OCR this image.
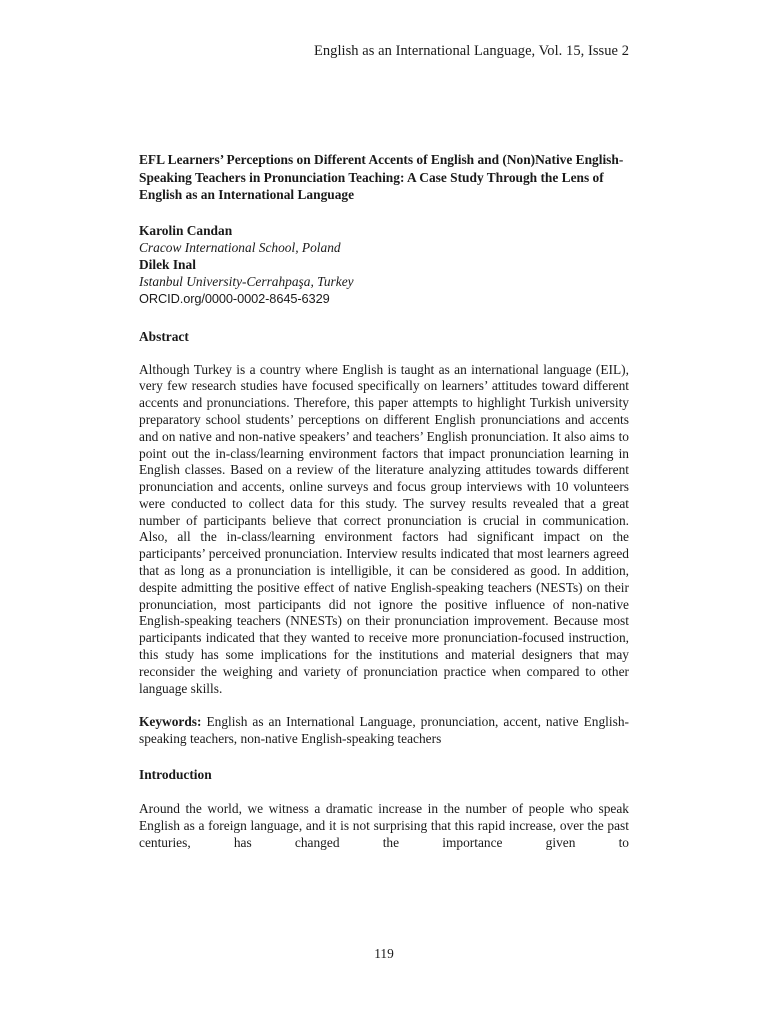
English as an International Language, Vol. 15, Issue 2

EFL Learners’ Perceptions on Different Accents of English and (Non)Native English-Speaking Teachers in Pronunciation Teaching: A Case Study Through the Lens of English as an International Language

Karolin Candan
Cracow International School, Poland
Dilek Inal
Istanbul University-Cerrahpaşa, Turkey
ORCID.org/0000-0002-8645-6329

Abstract

Although Turkey is a country where English is taught as an international language (EIL), very few research studies have focused specifically on learners’ attitudes toward different accents and pronunciations. Therefore, this paper attempts to highlight Turkish university preparatory school students’ perceptions on different English pronunciations and accents and on native and non-native speakers’ and teachers’ English pronunciation. It also aims to point out the in-class/learning environment factors that impact pronunciation learning in English classes. Based on a review of the literature analyzing attitudes towards different pronunciation and accents, online surveys and focus group interviews with 10 volunteers were conducted to collect data for this study. The survey results revealed that a great number of participants believe that correct pronunciation is crucial in communication. Also, all the in-class/learning environment factors had significant impact on the participants’ perceived pronunciation. Interview results indicated that most learners agreed that as long as a pronunciation is intelligible, it can be considered as good. In addition, despite admitting the positive effect of native English-speaking teachers (NESTs) on their pronunciation, most participants did not ignore the positive influence of non-native English-speaking teachers (NNESTs) on their pronunciation improvement. Because most participants indicated that they wanted to receive more pronunciation-focused instruction, this study has some implications for the institutions and material designers that may reconsider the weighing and variety of pronunciation practice when compared to other language skills.

Keywords: English as an International Language, pronunciation, accent, native English-speaking teachers, non-native English-speaking teachers

Introduction

Around the world, we witness a dramatic increase in the number of people who speak English as a foreign language, and it is not surprising that this rapid increase, over the past centuries, has changed the importance given to

119
